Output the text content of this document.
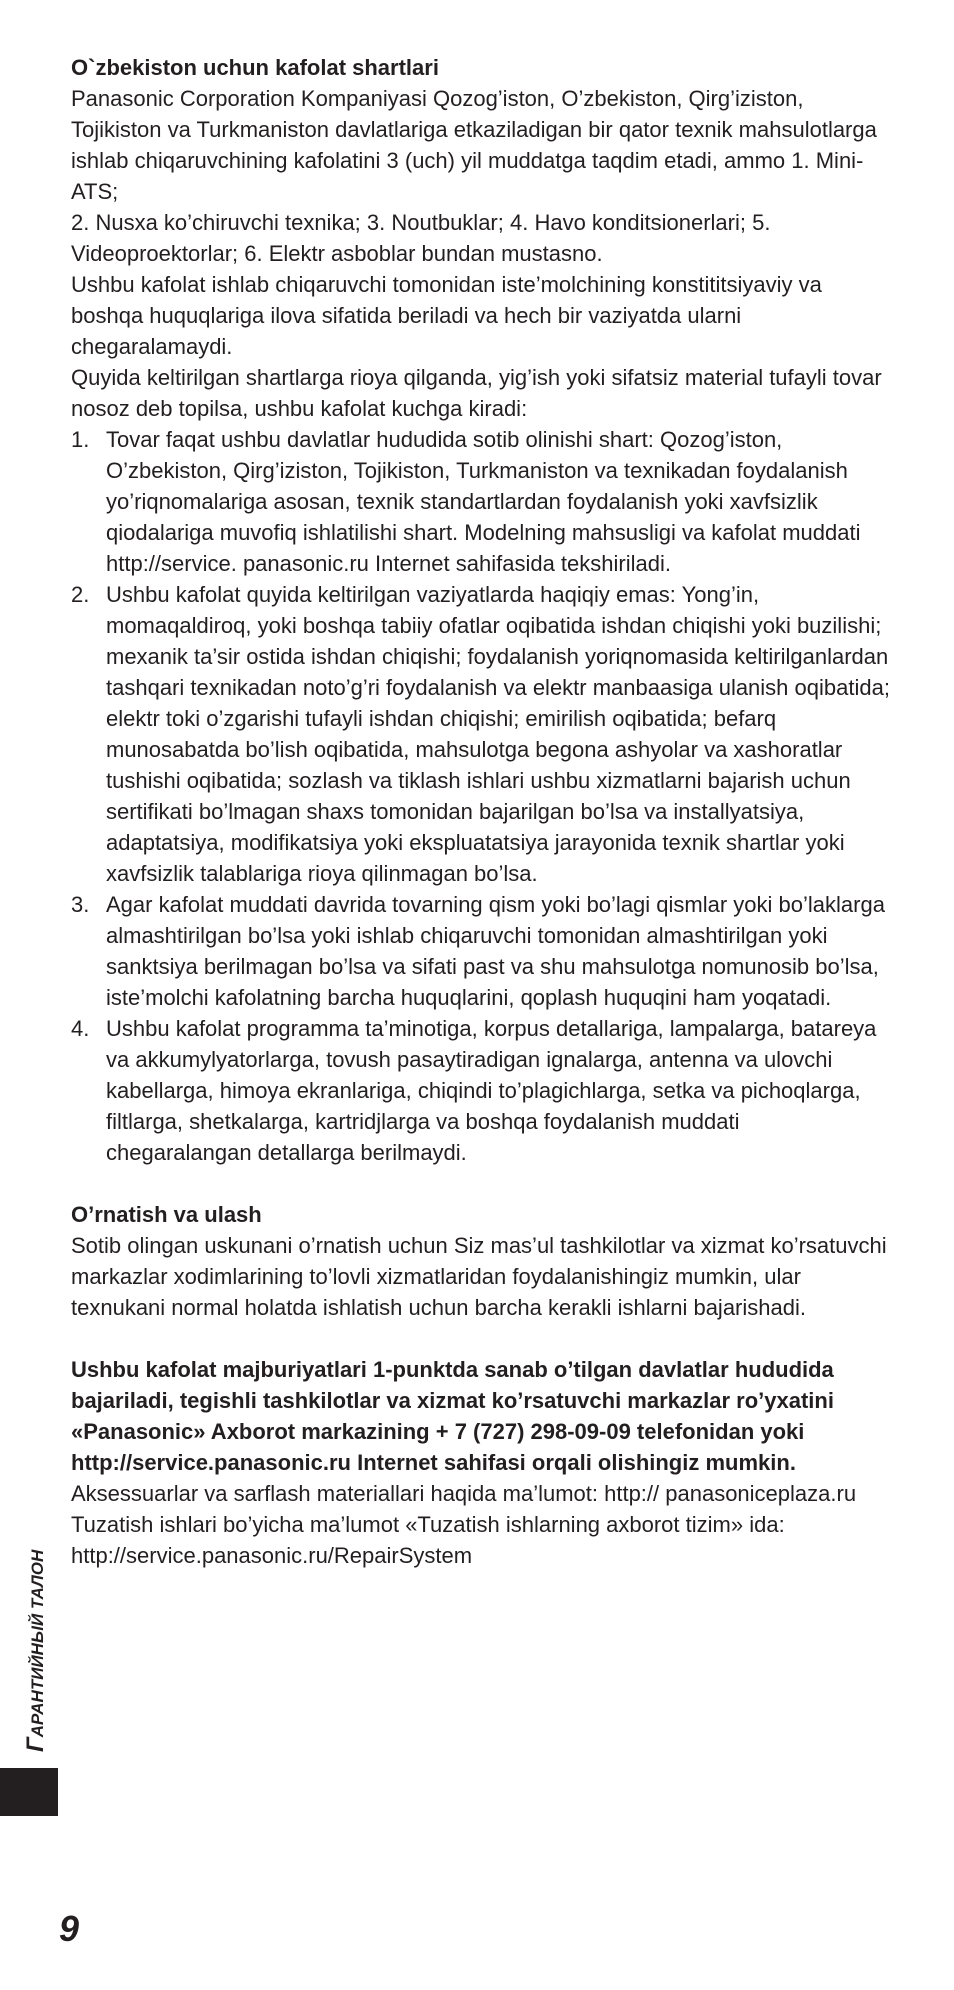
O`zbekiston uchun kafolat shartlari

Panasonic Corporation Kompaniyasi Qozog’iston, O’zbekiston, Qirg’iziston, Tojikiston va Turkmaniston davlatlariga etkaziladigan bir qator texnik mahsulotlarga ishlab chiqaruvchining kafolatini 3 (uch) yil muddatga taqdim etadi, ammo 1. Mini- ATS;

2. Nusxa ko’chiruvchi texnika; 3. Noutbuklar; 4. Havo konditsionerlari; 5. Videoproektorlar; 6. Elektr asboblar bundan mustasno.

Ushbu kafolat ishlab chiqaruvchi tomonidan iste’molchining konstititsiyaviy va boshqa huquqlariga ilova sifatida beriladi va hech bir vaziyatda ularni chegaralamaydi.

Quyida keltirilgan shartlarga rioya qilganda, yig’ish yoki sifatsiz material tufayli tovar nosoz deb topilsa, ushbu kafolat kuchga kiradi:

1. Tovar faqat ushbu davlatlar hududida sotib olinishi shart: Qozog’iston, O’zbekiston, Qirg’iziston, Tojikiston, Turkmaniston va texnikadan foydalanish yo’riqnomalariga asosan, texnik standartlardan foydalanish yoki xavfsizlik qiodalariga muvofiq ishlatilishi shart. Modelning mahsusligi va kafolat muddati http://service. panasonic.ru Internet sahifasida tekshiriladi.
2. Ushbu kafolat quyida keltirilgan vaziyatlarda haqiqiy emas: Yong’in, momaqaldiroq, yoki boshqa tabiiy ofatlar oqibatida ishdan chiqishi yoki buzilishi; mexanik ta’sir ostida ishdan chiqishi; foydalanish yoriqnomasida keltirilganlardan tashqari texnikadan noto’g’ri foydalanish va elektr manbaasiga ulanish oqibatida; elektr toki o’zgarishi tufayli ishdan chiqishi; emirilish oqibatida; befarq munosabatda bo’lish oqibatida, mahsulotga begona ashyolar va xashoratlar tushishi oqibatida; sozlash va tiklash ishlari ushbu xizmatlarni bajarish uchun sertifikati bo’lmagan shaxs tomonidan bajarilgan bo’lsa va installyatsiya, adaptatsiya, modifikatsiya yoki ekspluatatsiya jarayonida texnik shartlar yoki xavfsizlik talablariga rioya qilinmagan bo’lsa.
3. Agar kafolat muddati davrida tovarning qism yoki bo’lagi qismlar yoki bo’laklarga almashtirilgan bo’lsa yoki ishlab chiqaruvchi tomonidan almashtirilgan yoki sanktsiya berilmagan bo’lsa va sifati past va shu mahsulotga nomunosib bo’lsa, iste’molchi kafolatning barcha huquqlarini, qoplash huquqini ham yoqatadi.
4. Ushbu kafolat programma ta’minotiga, korpus detallariga, lampalarga, batareya va akkumylyatorlarga, tovush pasaytiradigan ignalarga, antenna va ulovchi kabellarga, himoya ekranlariga, chiqindi to’plagichlarga, setka va pichoqlarga, filtlarga, shetkalarga, kartridjlarga va boshqa foydalanish muddati chegaralangan detallarga berilmaydi.

O’rnatish va ulash

Sotib olingan uskunani o’rnatish uchun Siz mas’ul tashkilotlar va xizmat ko’rsatuvchi markazlar xodimlarining to’lovli xizmatlaridan foydalanishingiz mumkin, ular texnukani normal holatda ishlatish uchun barcha kerakli ishlarni bajarishadi.

Ushbu kafolat majburiyatlari 1-punktda sanab o’tilgan davlatlar hududida bajariladi, tegishli tashkilotlar va xizmat ko’rsatuvchi markazlar ro’yxatini «Panasonic» Axborot markazining + 7 (727) 298-09-09 telefonidan yoki

http://service.panasonic.ru Internet sahifasi orqali olishingiz mumkin.

Aksessuarlar va sarflash materiallari haqida ma’lumot: http:// panasoniceplaza.ru

Tuzatish ishlari bo’yicha ma’lumot «Tuzatish ishlarning axborot tizim» ida: http://service.panasonic.ru/RepairSystem

ГАРАНТИЙНЫЙ ТАЛОН
9
